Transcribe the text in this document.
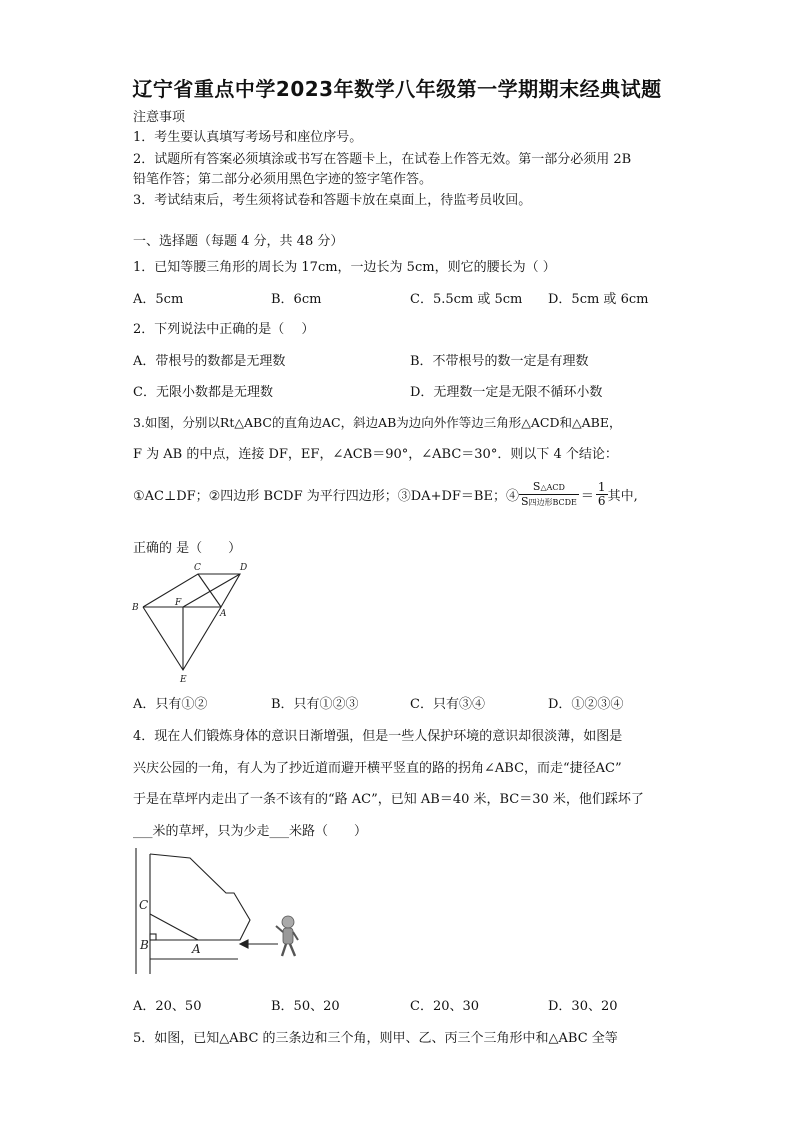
辽宁省重点中学2023年数学八年级第一学期期末经典试题
注意事项
1．考生要认真填写考场号和座位序号。
2．试题所有答案必须填涂或书写在答题卡上，在试卷上作答无效。第一部分必须用 2B
铅笔作答；第二部分必须用黑色字迹的签字笔作答。
3．考试结束后，考生须将试卷和答题卡放在桌面上，待监考员收回。
一、选择题（每题 4 分，共 48 分）
1．已知等腰三角形的周长为 17cm，一边长为 5cm，则它的腰长为（ ）
A．5cm	B．6cm	C．5.5cm 或 5cm D．5cm 或 6cm
2．下列说法中正确的是（　 ）
A．带根号的数都是无理数	B．不带根号的数一定是有理数
C．无限小数都是无理数	D．无理数一定是无限不循环小数
3.如图，分别以Rt△ABC的直角边AC，斜边AB为边向外作等边三角形△ACD和△ABE，
F 为 AB 的中点，连接 DF，EF，∠ACB＝90°，∠ABC＝30°．则以下 4 个结论：
①AC⊥DF；②四边形 BCDF 为平行四边形；③DA+DF＝BE；④ $\frac{\text{S△ACD}}{\text{S四边形BCDE}} = \frac{1}{6}$ 其中,
正确的 是（　　）
C	D
B	F
A
E
A．只有①②	B．只有①②③	C．只有③④	D．①②③④
4．现在人们锻炼身体的意识日渐增强，但是一些人保护环境的意识却很淡薄，如图是
兴庆公园的一角，有人为了抄近道而避开横平竖直的路的拐角∠ABC，而走“捷径AC”
于是在草坪内走出了一条不该有的“路 AC”，已知 AB＝40 米，BC＝30 米，他们踩坏了
___米的草坪，只为少走___米路（　　）
C
B	A
A．20、50	B．50、20	C．20、30	D．30、20
5．如图，已知△ABC 的三条边和三个角，则甲、乙、丙三个三角形中和△ABC 全等
